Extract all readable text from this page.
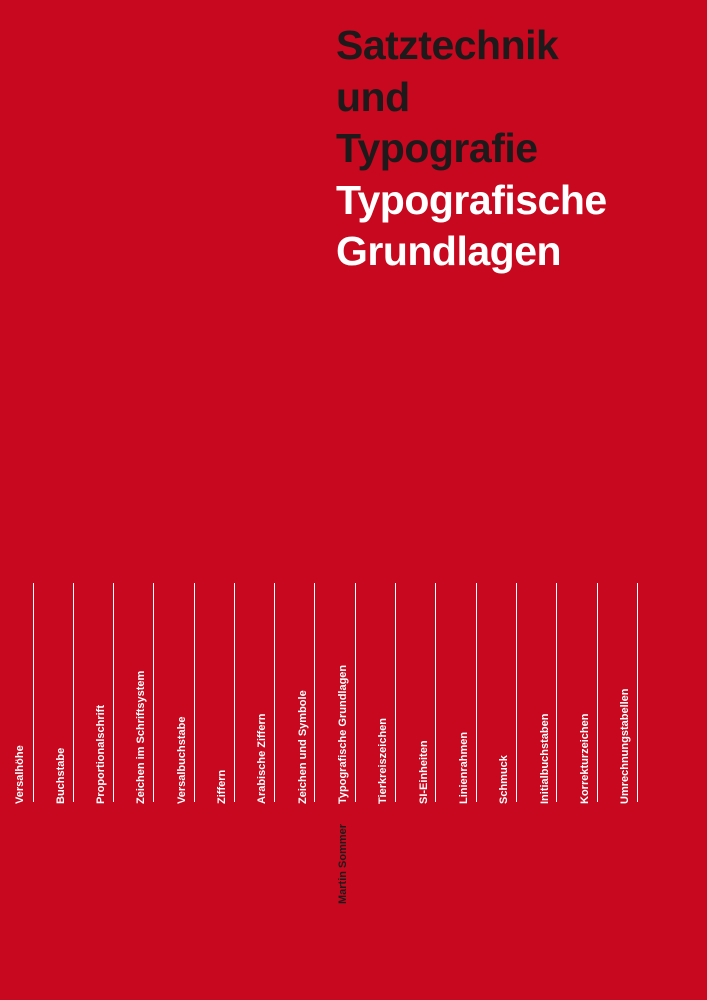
Satztechnik
und
Typografie
Typografische
Grundlagen
Versalhöhe	Buchstabe	Proportionalschrift	Zeichen im Schriftsystem	Versalbuchstabe	Ziffern	Arabische Ziffern	Zeichen und Symbole	Typografische Grundlagen	Tierkreiszeichen	SI-Einheiten	Linienrahmen	Schmuck	Initialbuchstaben	Korrekturzeichen	Umrechnungstabellen
Martin Sommer
